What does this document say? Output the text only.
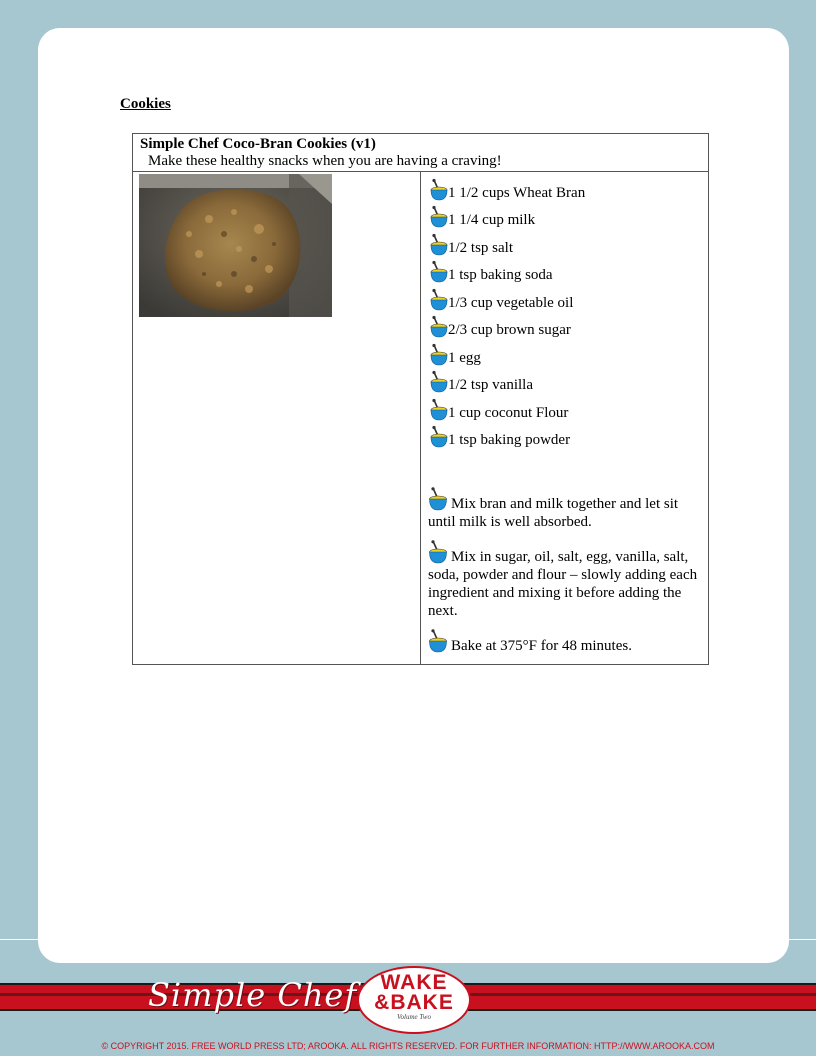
Cookies
Simple Chef Coco-Bran Cookies (v1)
Make these healthy snacks when you are having a craving!

1 1/2 cups Wheat Bran
1 1/4 cup milk
1/2 tsp salt
1 tsp baking soda
1/3 cup vegetable oil
2/3 cup brown sugar
1 egg
1/2 tsp vanilla
1 cup coconut Flour
1 tsp baking powder
Mix bran and milk together and let sit until milk is well absorbed.
Mix in sugar, oil, salt, egg, vanilla, salt, soda, powder and flour – slowly adding each ingredient and mixing it before adding the next.
Bake at 375°F for 48 minutes.
Simple Chef	WAKE
&BAKE
Volume Two
© COPYRIGHT 2015. FREE WORLD PRESS LTD; AROOKA. ALL RIGHTS RESERVED. FOR FURTHER INFORMATION: HTTP://WWW.AROOKA.COM
